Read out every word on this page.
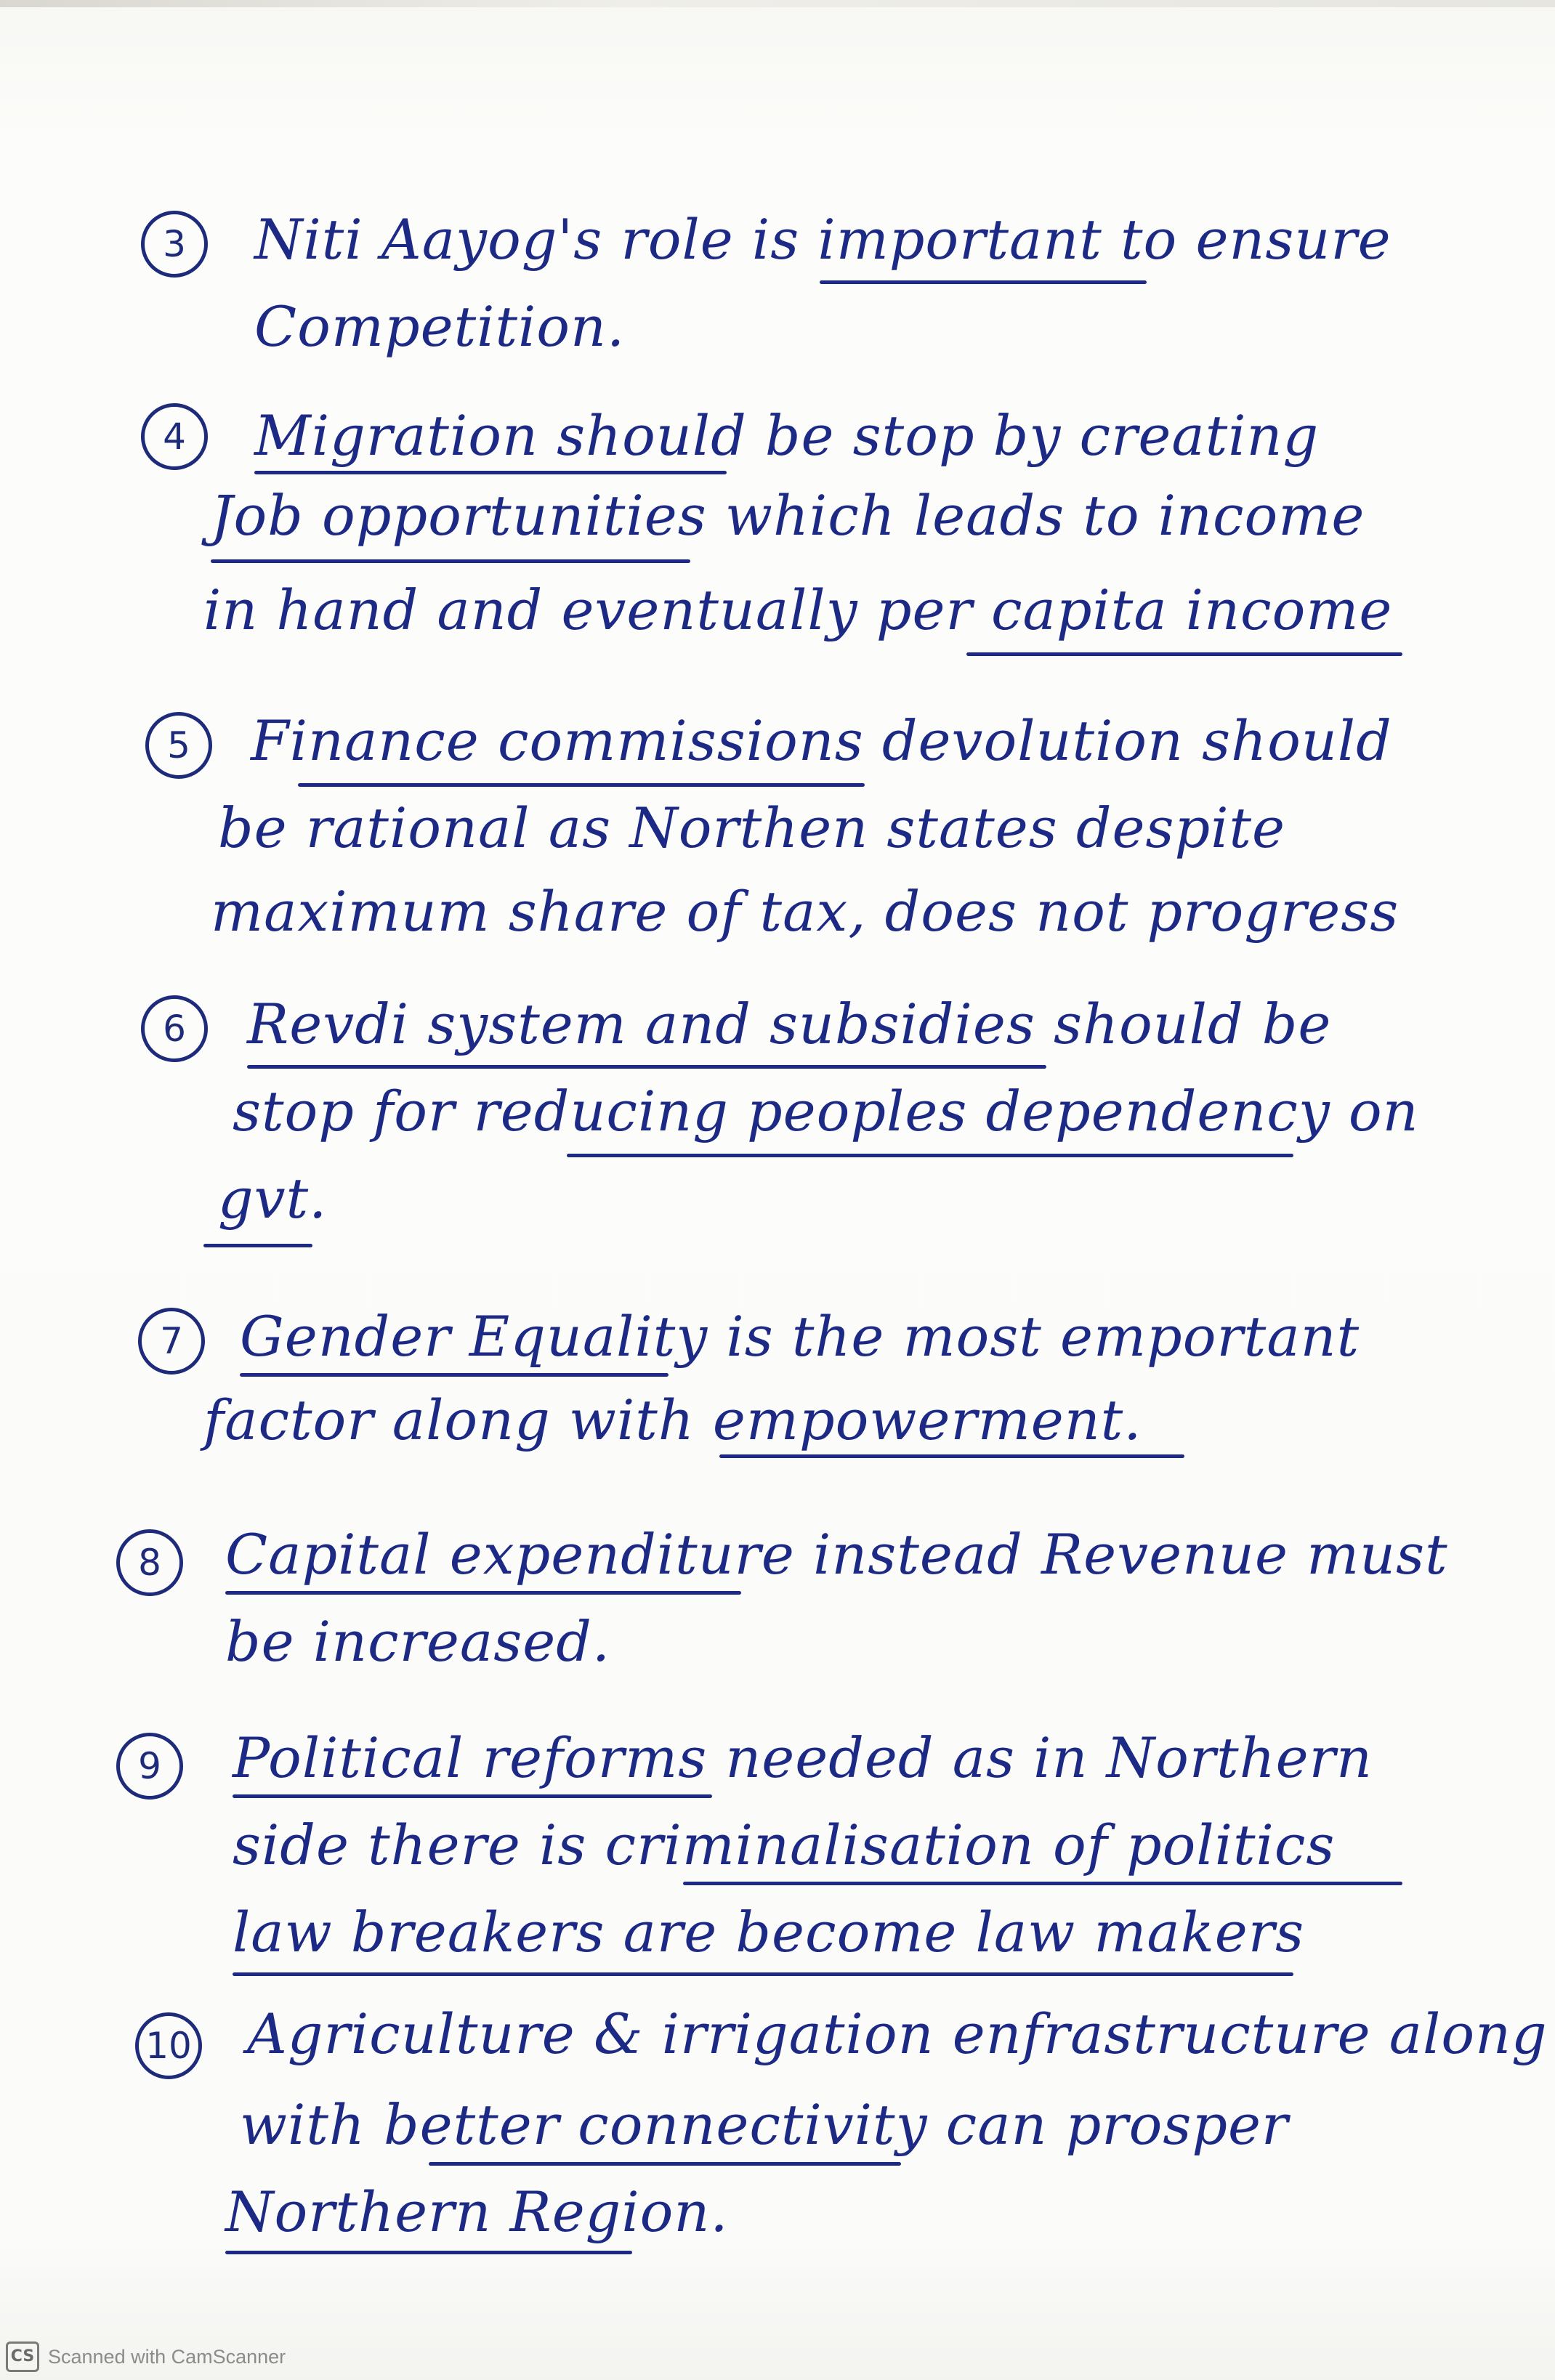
3	Niti Aayog's role is important to ensure
Competition.
4	Migration should be stop by creating
Job opportunities which leads to income
in hand and eventually per capita income
5	Finance commissions devolution should
be rational as Northen states despite
maximum share of tax, does not progress
6	Revdi system and subsidies should be
stop for reducing peoples dependency on
gvt.
7	Gender Equality is the most emportant
factor along with empowerment.
8	Capital expenditure instead Revenue must
be increased.
9	Political reforms needed as in Northern
side there is criminalisation of politics
law breakers are become law makers
10 Agriculture & irrigation enfrastructure along
with better connectivity can prosper
Northern Region.
CS Scanned with CamScanner
